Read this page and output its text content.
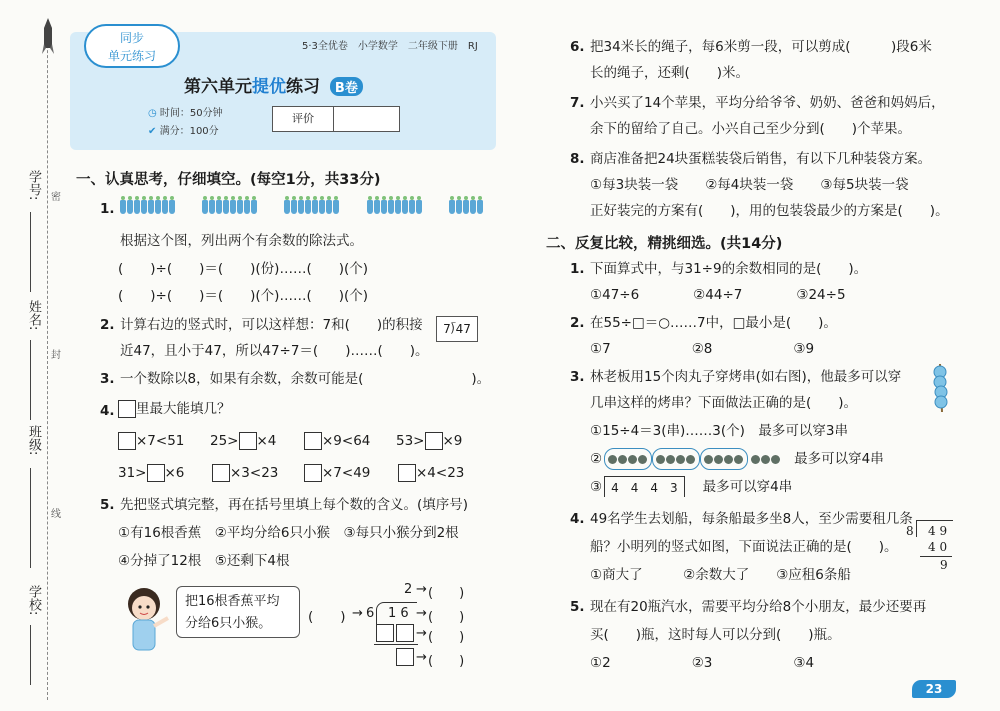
学号:
姓名:
班级:
学校:
密
封
线
同步
单元练习
5·3全优卷　小学数学　二年级下册　RJ
第六单元提优练习 B卷
◷ 时间：50分钟
✔ 满分：100分
评价
一、认真思考，仔细填空。(每空1分，共33分)
1.

根据这个图，列出两个有余数的除法式。
(　　)÷(　　)＝(　　)(份)……(　　)(个)
(　　)÷(　　)＝(　　)(个)……(　　)(个)
2. 计算右边的竖式时，可以这样想：7和(　　)的积接
近47，且小于47，所以47÷7＝(　　)……(　　)。
7⟌47
3. 一个数除以8，如果有余数，余数可能是(　　　　　　　　)。
4.	里最大能填几？
×7<51 25> ×4	×9<64 53> ×9
31> ×6	×3<23	×7<49	×4<23
5. 先把竖式填完整，再在括号里填上每个数的含义。(填序号)
①有16根香蕉　②平均分给6只小猴　③每只小猴分到2根
④分掉了12根　⑤还剩下4根
把16根香蕉平均
分给6只小猴。	(　　)
2 → (　　)
→ 6 1 6 → (　　)
→ (　　)
→ (　　)
6. 把34米长的绳子，每6米剪一段，可以剪成(　　　)段6米
长的绳子，还剩(　　)米。
7. 小兴买了14个苹果，平均分给爷爷、奶奶、爸爸和妈妈后，
余下的留给了自己。小兴自己至少分到(　　)个苹果。
8. 商店准备把24块蛋糕装袋后销售，有以下几种装袋方案。
①每3块装一袋　　②每4块装一袋　　③每5块装一袋
正好装完的方案有(　　)，用的包装袋最少的方案是(　　)。
二、反复比较，精挑细选。(共14分)
1. 下面算式中，与31÷9的余数相同的是(　　)。
①47÷6　　　　②44÷7　　　　③24÷5
2. 在55÷□＝○……7中，□最小是(　　)。
①7　　　　　　②8　　　　　　③9
3. 林老板用15个肉丸子穿烤串(如右图)，他最多可以穿
几串这样的烤串？下面做法正确的是(　　)。
①15÷4＝3(串)……3(个)　最多可以穿3串
②	最多可以穿4串
③ 4　4　4　3	最多可以穿4串
4. 49名学生去划船，每条船最多坐8人，至少需要租几条
船？小明列的竖式如图，下面说法正确的是(　　)。
①商大了　　　②余数大了　　③应租6条船
8 4 9
4 0
9
5. 现在有20瓶汽水，需要平均分给8个小朋友，最少还要再
买(　　)瓶，这时每人可以分到(　　)瓶。
①2　　　　　　②3　　　　　　③4
23
